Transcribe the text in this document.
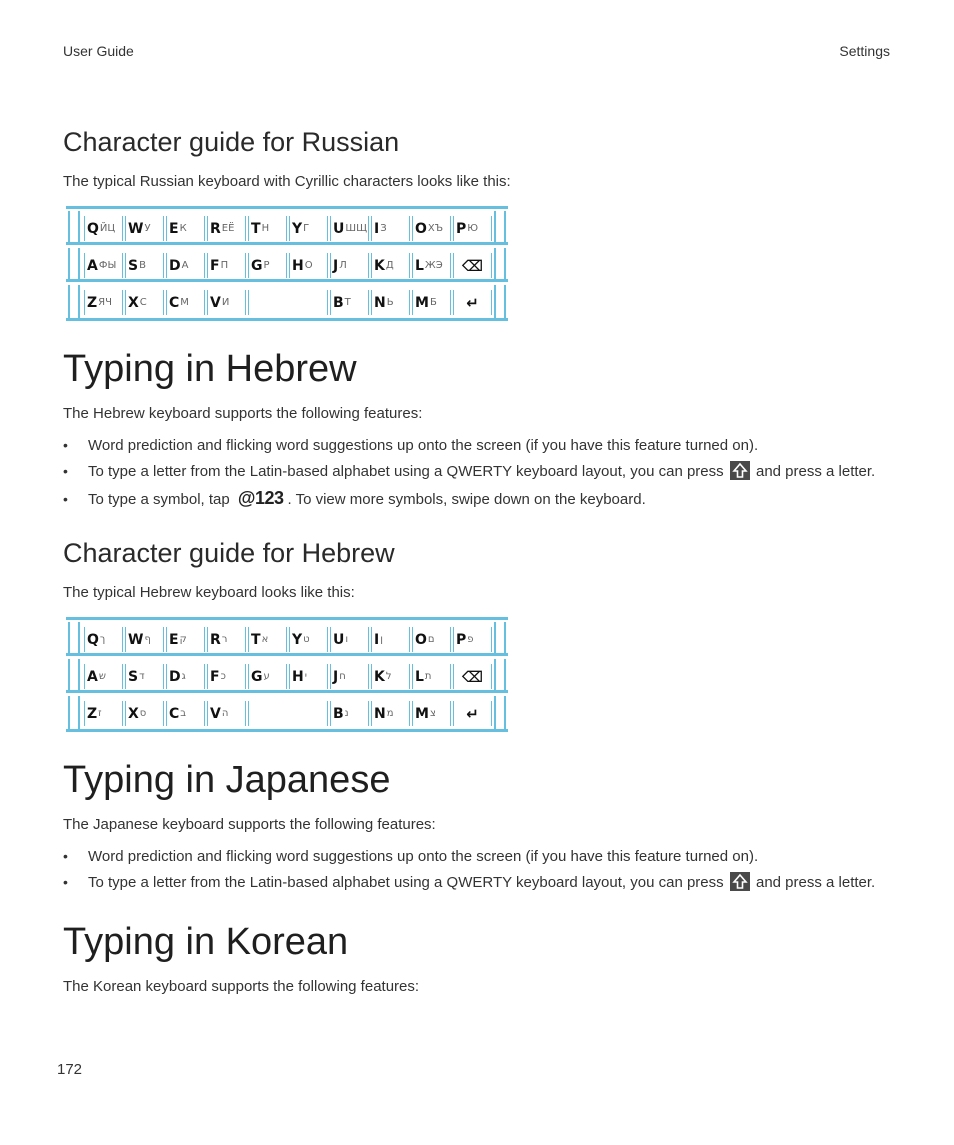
User Guide	Settings
Character guide for Russian
The typical Russian keyboard with Cyrillic characters looks like this:
Q ЙЦ W У E К R ЕЁ T Н Y Г U ШЩ I З O ХЪ P Ю
A ФЫ S В D А F П G Р H О J Л K Д L ЖЭ	⌫
Z ЯЧ X С C М V И	B Т N Ь M Б	↵
Typing in Hebrew
The Hebrew keyboard supports the following features:
• Word prediction and flicking word suggestions up onto the screen (if you have this feature turned on).
• To type a letter from the Latin-based alphabet using a QWERTY keyboard layout, you can press and press a letter.
• To type a symbol, tap @123 . To view more symbols, swipe down on the keyboard.
Character guide for Hebrew
The typical Hebrew keyboard looks like this:
Q ך W ף E ק R ר T א Y ט U ו I ן O ם P פ
A ש S ד D ג F כ G ע H י J ח K ל L ת	⌫
Z ז X ס C ב V ה	B נ N מ M צ	↵
Typing in Japanese
The Japanese keyboard supports the following features:
• Word prediction and flicking word suggestions up onto the screen (if you have this feature turned on).
• To type a letter from the Latin-based alphabet using a QWERTY keyboard layout, you can press and press a letter.
Typing in Korean
The Korean keyboard supports the following features:
172
